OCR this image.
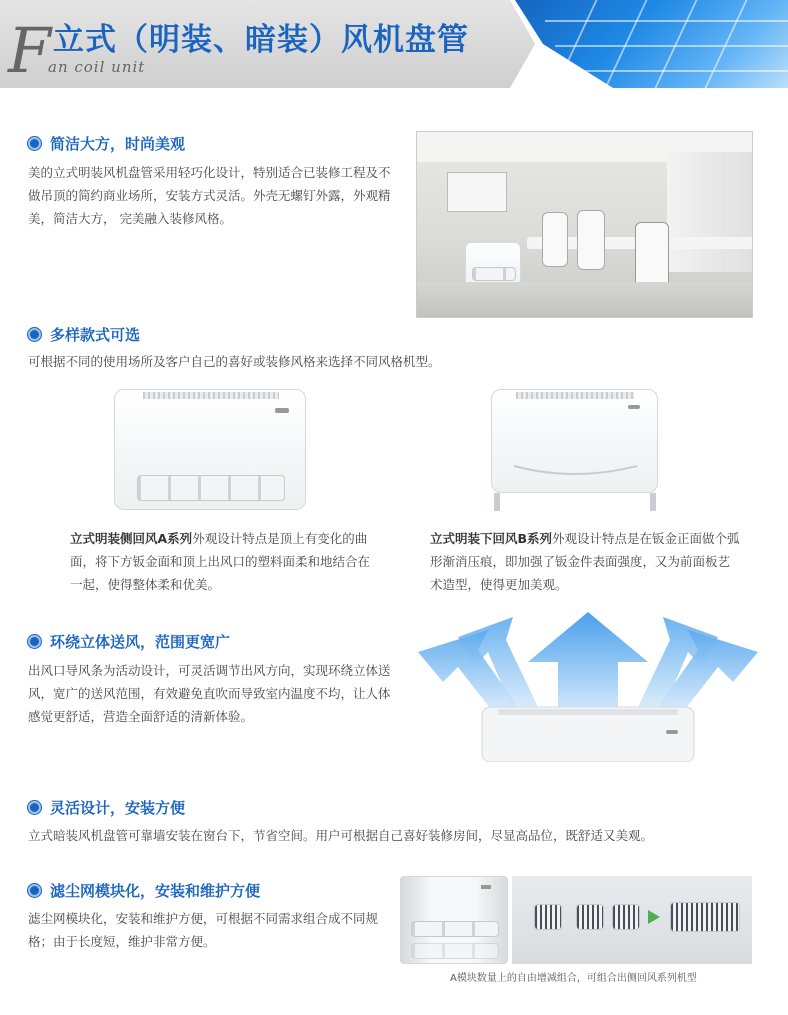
F 立式（明装、暗装）风机盘管
an coil unit
简洁大方，时尚美观
美的立式明装风机盘管采用轻巧化设计，特别适合已装修工程及不做吊顶的简约商业场所，安装方式灵活。外壳无螺钉外露，外观精美，简洁大方， 完美融入装修风格。
多样款式可选
可根据不同的使用场所及客户自己的喜好或装修风格来选择不同风格机型。
立式明装侧回风A系列外观设计特点是顶上有变化的曲面，将下方钣金面和顶上出风口的塑料面柔和地结合在一起，使得整体柔和优美。
立式明装下回风B系列外观设计特点是在钣金正面做个弧形渐消压痕，即加强了钣金件表面强度，又为前面板艺术造型，使得更加美观。
环绕立体送风，范围更宽广
出风口导风条为活动设计，可灵活调节出风方向，实现环绕立体送风，宽广的送风范围，有效避免直吹而导致室内温度不均，让人体感觉更舒适，营造全面舒适的清新体验。
灵活设计，安装方便
立式暗装风机盘管可靠墙安装在窗台下，节省空间。用户可根据自己喜好装修房间，尽显高品位，既舒适又美观。
滤尘网模块化，安装和维护方便
滤尘网模块化，安装和维护方便，可根据不同需求组合成不同规格；由于长度短，维护非常方便。
A模块数量上的自由增减组合，可组合出侧回风系列机型
